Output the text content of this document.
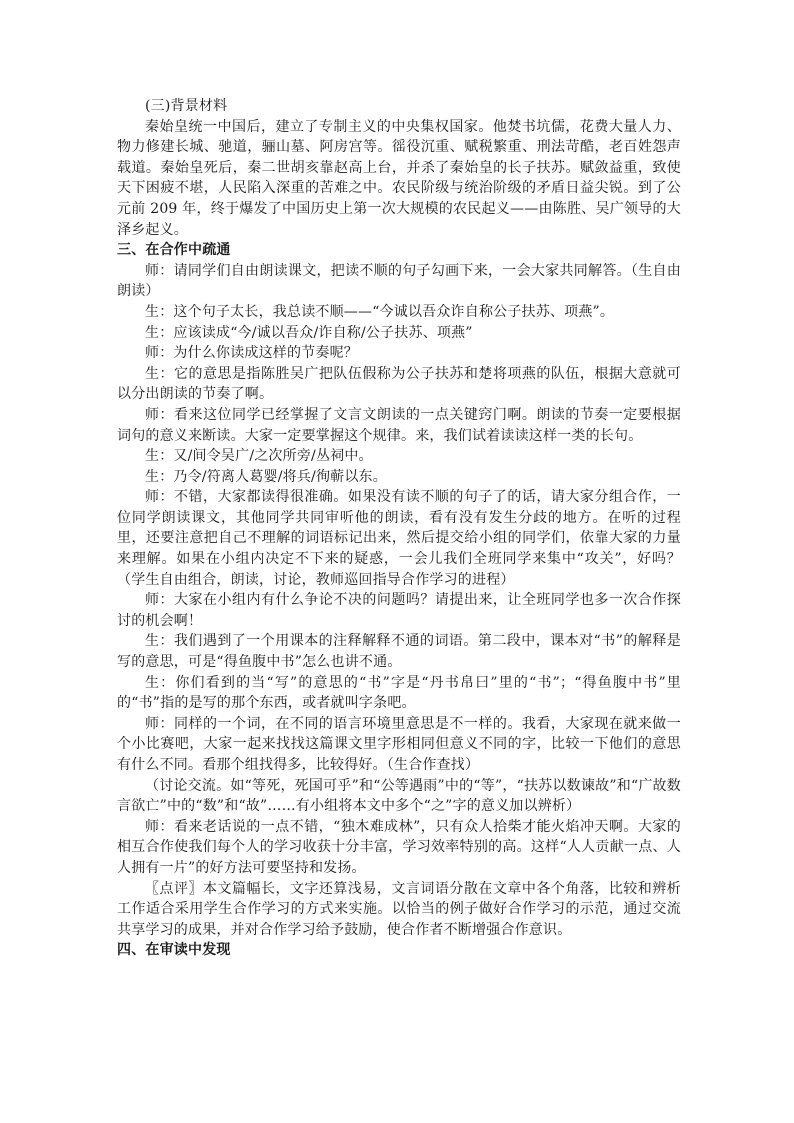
(三)背景材料

秦始皇统一中国后，建立了专制主义的中央集权国家。他焚书坑儒，花费大量人力、物力修建长城、驰道，骊山墓、阿房宫等。徭役沉重、赋税繁重、刑法苛酷，老百姓怨声载道。秦始皇死后，秦二世胡亥靠赵高上台，并杀了秦始皇的长子扶苏。赋敛益重，致使天下困疲不堪，人民陷入深重的苦难之中。农民阶级与统治阶级的矛盾日益尖锐。到了公元前 209 年，终于爆发了中国历史上第一次大规模的农民起义——由陈胜、吴广领导的大泽乡起义。

三、在合作中疏通

师：请同学们自由朗读课文，把读不顺的句子勾画下来，一会大家共同解答。（生自由朗读）

生：这个句子太长，我总读不顺——“今诚以吾众诈自称公子扶苏、项燕”。

生：应该读成“今/诚以吾众/诈自称/公子扶苏、项燕”

师：为什么你读成这样的节奏呢？

生：它的意思是指陈胜吴广把队伍假称为公子扶苏和楚将项燕的队伍，根据大意就可以分出朗读的节奏了啊。

师：看来这位同学已经掌握了文言文朗读的一点关键窍门啊。朗读的节奏一定要根据词句的意义来断读。大家一定要掌握这个规律。来，我们试着读读这样一类的长句。

生：又/间令吴广/之次所旁/丛祠中。

生：乃令/符离人葛婴/将兵/徇蕲以东。

师：不错，大家都读得很准确。如果没有读不顺的句子了的话，请大家分组合作，一位同学朗读课文，其他同学共同审听他的朗读，看有没有发生分歧的地方。在听的过程里，还要注意把自己不理解的词语标记出来，然后提交给小组的同学们，依靠大家的力量来理解。如果在小组内决定不下来的疑惑，一会儿我们全班同学来集中“攻关”，好吗？（学生自由组合，朗读，讨论，教师巡回指导合作学习的进程）

师：大家在小组内有什么争论不决的问题吗？请提出来，让全班同学也多一次合作探讨的机会啊！

生：我们遇到了一个用课本的注释解释不通的词语。第二段中，课本对“书”的解释是写的意思，可是“得鱼腹中书”怎么也讲不通。

生：你们看到的当“写”的意思的“书”字是“丹书帛曰”里的“书”；“得鱼腹中书”里的“书”指的是写的那个东西，或者就叫字条吧。

师：同样的一个词，在不同的语言环境里意思是不一样的。我看，大家现在就来做一个小比赛吧，大家一起来找找这篇课文里字形相同但意义不同的字，比较一下他们的意思有什么不同。看那个组找得多，比较得好。（生合作查找）

（讨论交流。如“等死，死国可乎”和“公等遇雨”中的“等”，“扶苏以数谏故”和“广故数言欲亡”中的“数”和“故”……有小组将本文中多个“之”字的意义加以辨析）

师：看来老话说的一点不错，“独木难成林”，只有众人拾柴才能火焰冲天啊。大家的相互合作使我们每个人的学习收获十分丰富，学习效率特别的高。这样“人人贡献一点、人人拥有一片”的好方法可要坚持和发扬。

〖点评〗本文篇幅长，文字还算浅易，文言词语分散在文章中各个角落，比较和辨析工作适合采用学生合作学习的方式来实施。以恰当的例子做好合作学习的示范，通过交流共享学习的成果，并对合作学习给予鼓励，使合作者不断增强合作意识。

四、在审读中发现
